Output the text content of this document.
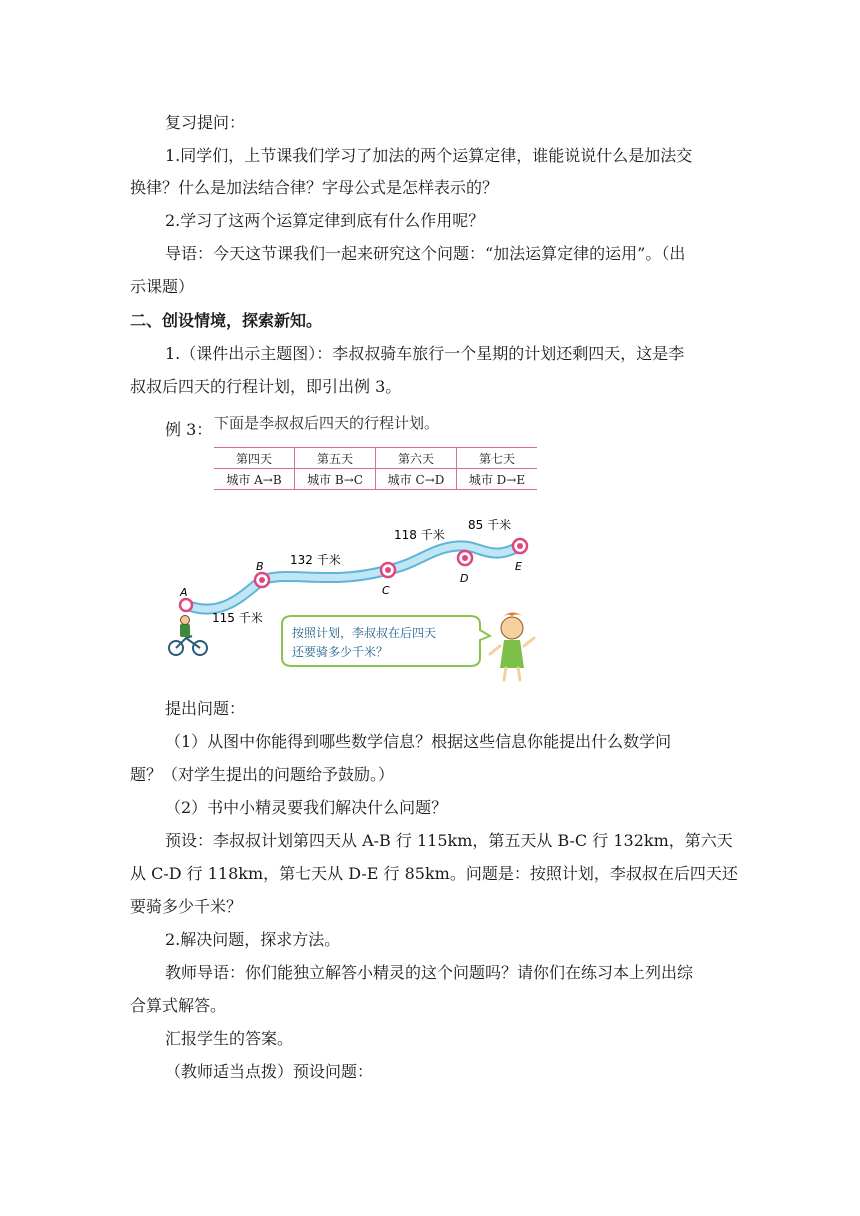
复习提问：
1.同学们，上节课我们学习了加法的两个运算定律，谁能说说什么是加法交
换律？什么是加法结合律？字母公式是怎样表示的？
2.学习了这两个运算定律到底有什么作用呢？
导语：今天这节课我们一起来研究这个问题：“加法运算定律的运用”。（出
示课题）
二、创设情境，探索新知。
1.（课件出示主题图）：李叔叔骑车旅行一个星期的计划还剩四天，这是李
叔叔后四天的行程计划，即引出例 3。
例 3： 下面是李叔叔后四天的行程计划。
第四天	第五天	第六天	第七天
城市 A→B	城市 B→C	城市 C→D	城市 D→E
A
B
C
D
E
115 千米
132 千米
118 千米
85 千米
按照计划，李叔叔在后四天
还要骑多少千米？
提出问题：
（1）从图中你能得到哪些数学信息？根据这些信息你能提出什么数学问
题？（对学生提出的问题给予鼓励。）
（2）书中小精灵要我们解决什么问题？
预设：李叔叔计划第四天从 A-B 行 115km，第五天从 B-C 行 132km，第六天
从 C-D 行 118km，第七天从 D-E 行 85km。问题是：按照计划，李叔叔在后四天还
要骑多少千米？
2.解决问题，探求方法。
教师导语：你们能独立解答小精灵的这个问题吗？请你们在练习本上列出综
合算式解答。
汇报学生的答案。
（教师适当点拨）预设问题：
